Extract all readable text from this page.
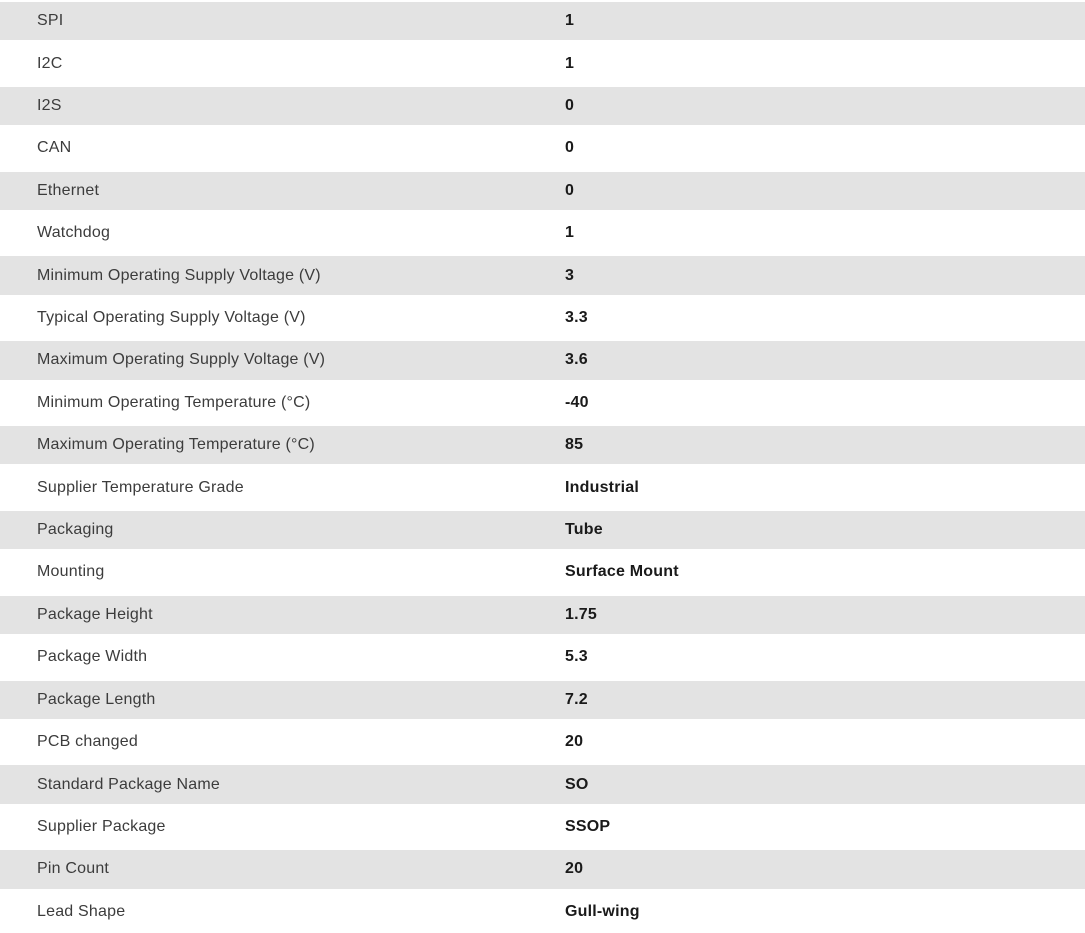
SPI	1
I2C	1
I2S	0
CAN	0
Ethernet	0
Watchdog	1
Minimum Operating Supply Voltage (V)	3
Typical Operating Supply Voltage (V)	3.3
Maximum Operating Supply Voltage (V)	3.6
Minimum Operating Temperature (°C)	-40
Maximum Operating Temperature (°C)	85
Supplier Temperature Grade	Industrial
Packaging	Tube
Mounting	Surface Mount
Package Height	1.75
Package Width	5.3
Package Length	7.2
PCB changed	20
Standard Package Name	SO
Supplier Package	SSOP
Pin Count	20
Lead Shape	Gull-wing
